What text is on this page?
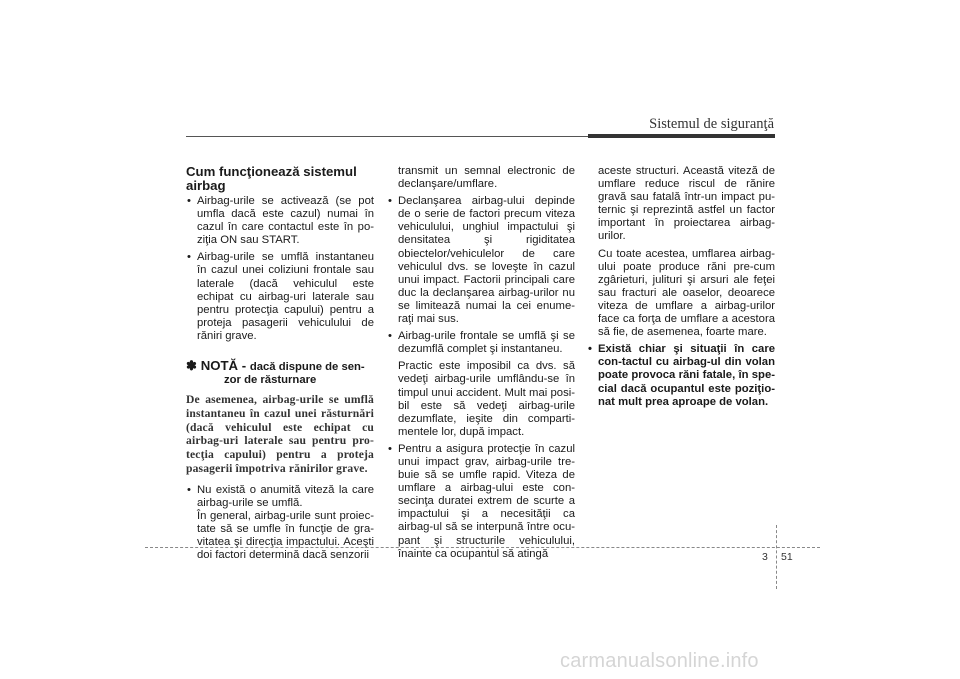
Sistemul de siguranţă
Cum funcţionează sistemul airbag

• Airbag-urile se activează (se pot umfla dacă este cazul) numai în cazul în care contactul este în po-ziţia ON sau START.

• Airbag-urile se umflă instantaneu în cazul unei coliziuni frontale sau laterale (dacă vehiculul este echipat cu airbag-uri laterale sau pentru protecţia capului) pentru a proteja pasagerii vehiculului de răniri grave.

✽ NOTĂ - dacă dispune de sen-
zor de răsturnare

De asemenea, airbag-urile se umflă instantaneu în cazul unei răsturnări (dacă vehiculul este echipat cu airbag-uri laterale sau pentru pro-tecţia capului) pentru a proteja pasagerii împotriva rănirilor grave.

• Nu există o anumită viteză la care airbag-urile se umflă.

În general, airbag-urile sunt proiec-tate să se umfle în funcţie de gra-vitatea şi direcţia impactului. Aceşti doi factori determină dacă senzorii

transmit un semnal electronic de declanşare/umflare.

• Declanşarea airbag-ului depinde de o serie de factori precum viteza vehiculului, unghiul impactului şi densitatea şi rigiditatea obiectelor/vehiculelor de care vehiculul dvs. se loveşte în cazul unui impact. Factorii principali care duc la declanşarea airbag-urilor nu se limitează numai la cei enume-raţi mai sus.

• Airbag-urile frontale se umflă şi se dezumflă complet şi instantaneu.

Practic este imposibil ca dvs. să vedeţi airbag-urile umflându-se în timpul unui accident. Mult mai posi-bil este să vedeţi airbag-urile dezumflate, ieşite din comparti-mentele lor, după impact.

• Pentru a asigura protecţie în cazul unui impact grav, airbag-urile tre-buie să se umfle rapid. Viteza de umflare a airbag-ului este con-secinţa duratei extrem de scurte a impactului şi a necesităţii ca airbag-ul să se interpună între ocu-pant şi structurile vehiculului, înainte ca ocupantul să atingă

aceste structuri. Această viteză de umflare reduce riscul de rănire gravă sau fatală într-un impact pu-ternic şi reprezintă astfel un factor important în proiectarea airbag-urilor.

Cu toate acestea, umflarea airbag-ului poate produce răni pre-cum zgârieturi, julituri şi arsuri ale feţei sau fracturi ale oaselor, deoarece viteza de umflare a airbag-urilor face ca forţa de umflare a acestora să fie, de asemenea, foarte mare.

• Există chiar şi situaţii în care con-tactul cu airbag-ul din volan poate provoca răni fatale, în spe-cial dacă ocupantul este poziţio-nat mult prea aproape de volan.

3 51
carmanualsonline.info
